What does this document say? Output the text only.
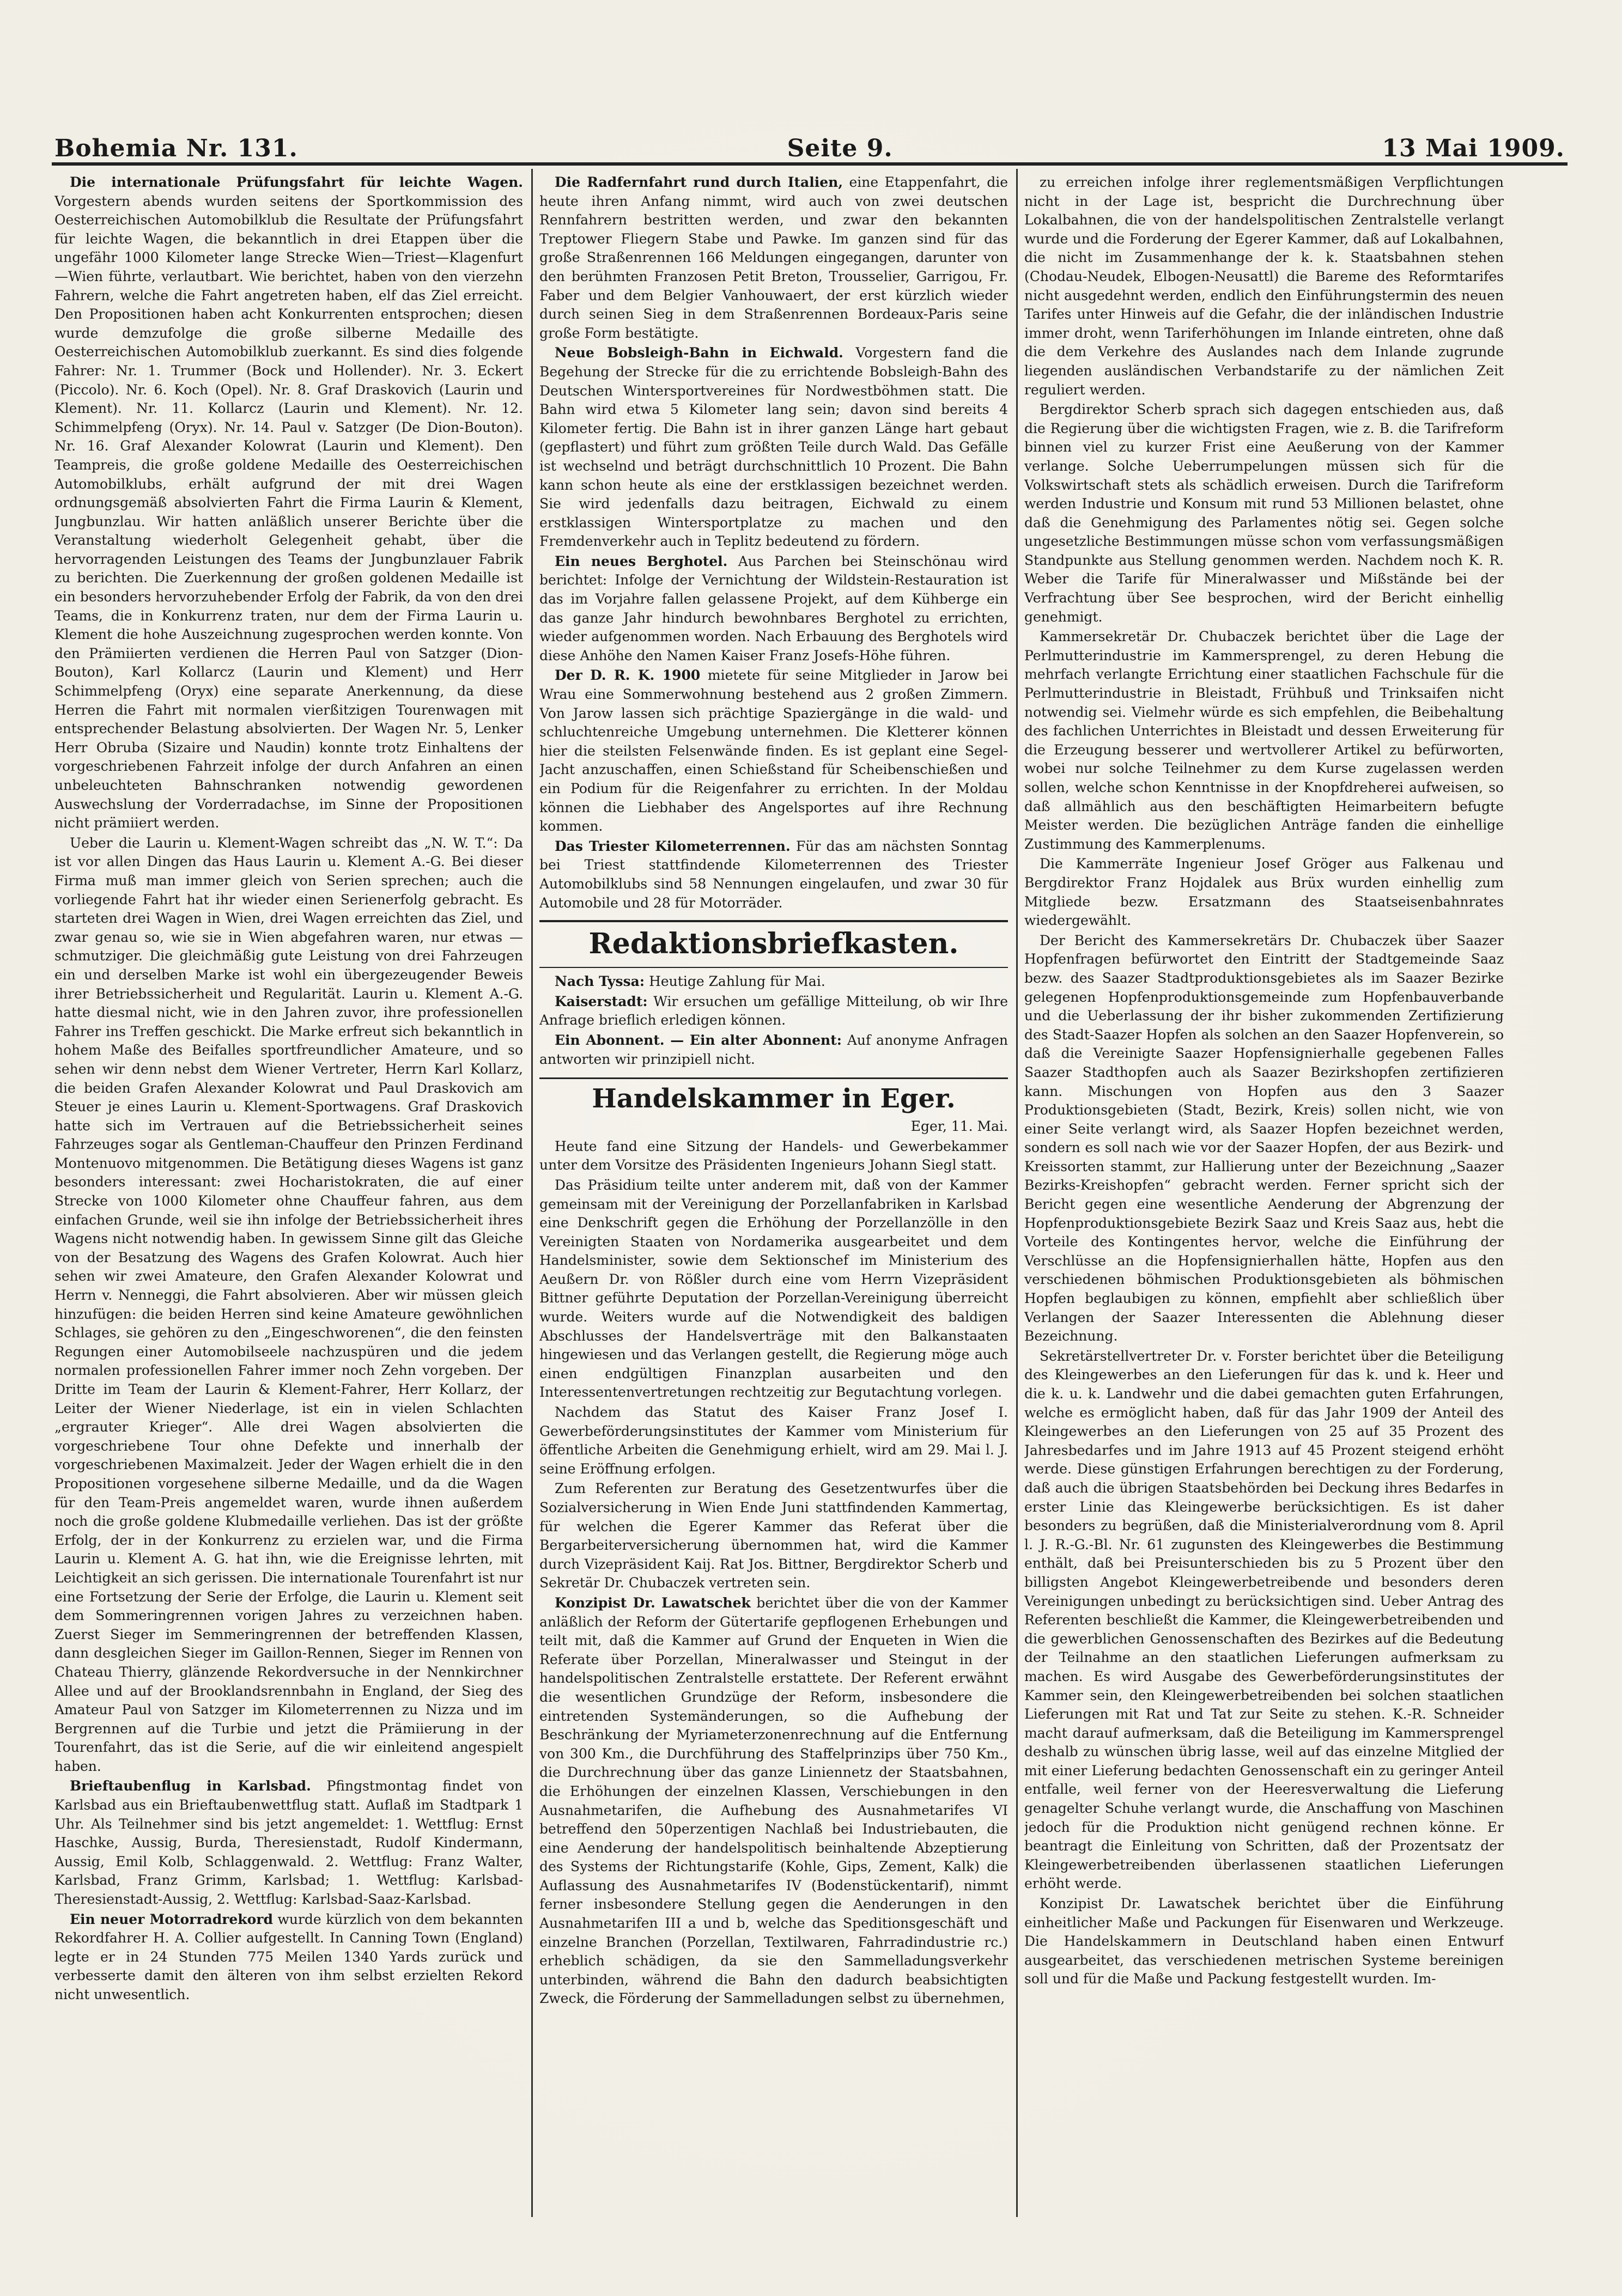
Bohemia Nr. 131.	Seite 9.	13 Mai 1909.

Die internationale Prüfungsfahrt für leichte Wagen. Vorgestern abends wurden seitens der Sportkommission des Oesterreichischen Automobilklub die Resultate der Prüfungsfahrt für leichte Wagen, die bekanntlich in drei Etappen über die ungefähr 1000 Kilometer lange Strecke Wien—Triest—Klagenfurt—Wien führte, verlautbart. Wie berichtet, haben von den vierzehn Fahrern, welche die Fahrt angetreten haben, elf das Ziel erreicht. Den Propositionen haben acht Konkurrenten entsprochen; diesen wurde demzufolge die große silberne Medaille des Oesterreichischen Automobilklub zuerkannt. Es sind dies folgende Fahrer: Nr. 1. Trummer (Bock und Hollender). Nr. 3. Eckert (Piccolo). Nr. 6. Koch (Opel). Nr. 8. Graf Draskovich (Laurin und Klement). Nr. 11. Kollarcz (Laurin und Klement). Nr. 12. Schimmelpfeng (Oryx). Nr. 14. Paul v. Satzger (De Dion-Bouton). Nr. 16. Graf Alexander Kolowrat (Laurin und Klement). Den Teampreis, die große goldene Medaille des Oesterreichischen Automobilklubs, erhält aufgrund der mit drei Wagen ordnungsgemäß absolvierten Fahrt die Firma Laurin & Klement, Jungbunzlau. Wir hatten anläßlich unserer Berichte über die Veranstaltung wiederholt Gelegenheit gehabt, über die hervorragenden Leistungen des Teams der Jungbunzlauer Fabrik zu berichten. Die Zuerkennung der großen goldenen Medaille ist ein besonders hervorzuhebender Erfolg der Fabrik, da von den drei Teams, die in Konkurrenz traten, nur dem der Firma Laurin u. Klement die hohe Auszeichnung zugesprochen werden konnte. Von den Prämiierten verdienen die Herren Paul von Satzger (Dion-Bouton), Karl Kollarcz (Laurin und Klement) und Herr Schimmelpfeng (Oryx) eine separate Anerkennung, da diese Herren die Fahrt mit normalen vierßitzigen Tourenwagen mit entsprechender Belastung absolvierten. Der Wagen Nr. 5, Lenker Herr Obruba (Sizaire und Naudin) konnte trotz Einhaltens der vorgeschriebenen Fahrzeit infolge der durch Anfahren an einen unbeleuchteten Bahnschranken notwendig gewordenen Auswechslung der Vorderradachse, im Sinne der Propositionen nicht prämiiert werden.

Ueber die Laurin u. Klement-Wagen schreibt das „N. W. T.“: Da ist vor allen Dingen das Haus Laurin u. Klement A.-G. Bei dieser Firma muß man immer gleich von Serien sprechen; auch die vorliegende Fahrt hat ihr wieder einen Serienerfolg gebracht. Es starteten drei Wagen in Wien, drei Wagen erreichten das Ziel, und zwar genau so, wie sie in Wien abgefahren waren, nur etwas — schmutziger. Die gleichmäßig gute Leistung von drei Fahrzeugen ein und derselben Marke ist wohl ein übergezeugender Beweis ihrer Betriebssicherheit und Regularität. Laurin u. Klement A.-G. hatte diesmal nicht, wie in den Jahren zuvor, ihre professionellen Fahrer ins Treffen geschickt. Die Marke erfreut sich bekanntlich in hohem Maße des Beifalles sportfreundlicher Amateure, und so sehen wir denn nebst dem Wiener Vertreter, Herrn Karl Kollarz, die beiden Grafen Alexander Kolowrat und Paul Draskovich am Steuer je eines Laurin u. Klement-Sportwagens. Graf Draskovich hatte sich im Vertrauen auf die Betriebssicherheit seines Fahrzeuges sogar als Gentleman-Chauffeur den Prinzen Ferdinand Montenuovo mitgenommen. Die Betätigung dieses Wagens ist ganz besonders interessant: zwei Hocharistokraten, die auf einer Strecke von 1000 Kilometer ohne Chauffeur fahren, aus dem einfachen Grunde, weil sie ihn infolge der Betriebssicherheit ihres Wagens nicht notwendig haben. In gewissem Sinne gilt das Gleiche von der Besatzung des Wagens des Grafen Kolowrat. Auch hier sehen wir zwei Amateure, den Grafen Alexander Kolowrat und Herrn v. Nenneggi, die Fahrt absolvieren. Aber wir müssen gleich hinzufügen: die beiden Herren sind keine Amateure gewöhnlichen Schlages, sie gehören zu den „Eingeschworenen“, die den feinsten Regungen einer Automobilseele nachzuspüren und die jedem normalen professionellen Fahrer immer noch Zehn vorgeben. Der Dritte im Team der Laurin & Klement-Fahrer, Herr Kollarz, der Leiter der Wiener Niederlage, ist ein in vielen Schlachten „ergrauter Krieger“. Alle drei Wagen absolvierten die vorgeschriebene Tour ohne Defekte und innerhalb der vorgeschriebenen Maximalzeit. Jeder der Wagen erhielt die in den Propositionen vorgesehene silberne Medaille, und da die Wagen für den Team-Preis angemeldet waren, wurde ihnen außerdem noch die große goldene Klubmedaille verliehen. Das ist der größte Erfolg, der in der Konkurrenz zu erzielen war, und die Firma Laurin u. Klement A. G. hat ihn, wie die Ereignisse lehrten, mit Leichtigkeit an sich gerissen. Die internationale Tourenfahrt ist nur eine Fortsetzung der Serie der Erfolge, die Laurin u. Klement seit dem Sommeringrennen vorigen Jahres zu verzeichnen haben. Zuerst Sieger im Semmeringrennen der betreffenden Klassen, dann desgleichen Sieger im Gaillon-Rennen, Sieger im Rennen von Chateau Thierry, glänzende Rekordversuche in der Nennkirchner Allee und auf der Brooklandsrennbahn in England, der Sieg des Amateur Paul von Satzger im Kilometerrennen zu Nizza und im Bergrennen auf die Turbie und jetzt die Prämiierung in der Tourenfahrt, das ist die Serie, auf die wir einleitend angespielt haben.

Brieftaubenflug in Karlsbad. Pfingstmontag findet von Karlsbad aus ein Brieftaubenwettflug statt. Auflaß im Stadtpark 1 Uhr. Als Teilnehmer sind bis jetzt angemeldet: 1. Wettflug: Ernst Haschke, Aussig, Burda, Theresienstadt, Rudolf Kindermann, Aussig, Emil Kolb, Schlaggenwald. 2. Wettflug: Franz Walter, Karlsbad, Franz Grimm, Karlsbad; 1. Wettflug: Karlsbad-Theresienstadt-Aussig, 2. Wettflug: Karlsbad-Saaz-Karlsbad.

Ein neuer Motorradrekord wurde kürzlich von dem bekannten Rekordfahrer H. A. Collier aufgestellt. In Canning Town (England) legte er in 24 Stunden 775 Meilen 1340 Yards zurück und verbesserte damit den älteren von ihm selbst erzielten Rekord nicht unwesentlich.

Die Radfernfahrt rund durch Italien, eine Etappenfahrt, die heute ihren Anfang nimmt, wird auch von zwei deutschen Rennfahrern bestritten werden, und zwar den bekannten Treptower Fliegern Stabe und Pawke. Im ganzen sind für das große Straßenrennen 166 Meldungen eingegangen, darunter von den berühmten Franzosen Petit Breton, Trousselier, Garrigou, Fr. Faber und dem Belgier Vanhouwaert, der erst kürzlich wieder durch seinen Sieg in dem Straßenrennen Bordeaux-Paris seine große Form bestätigte.

Neue Bobsleigh-Bahn in Eichwald. Vorgestern fand die Begehung der Strecke für die zu errichtende Bobsleigh-Bahn des Deutschen Wintersportvereines für Nordwestböhmen statt. Die Bahn wird etwa 5 Kilometer lang sein; davon sind bereits 4 Kilometer fertig. Die Bahn ist in ihrer ganzen Länge hart gebaut (gepflastert) und führt zum größten Teile durch Wald. Das Gefälle ist wechselnd und beträgt durchschnittlich 10 Prozent. Die Bahn kann schon heute als eine der erstklassigen bezeichnet werden. Sie wird jedenfalls dazu beitragen, Eichwald zu einem erstklassigen Wintersportplatze zu machen und den Fremdenverkehr auch in Teplitz bedeutend zu fördern.

Ein neues Berghotel. Aus Parchen bei Steinschönau wird berichtet: Infolge der Vernichtung der Wildstein-Restauration ist das im Vorjahre fallen gelassene Projekt, auf dem Kühberge ein das ganze Jahr hindurch bewohnbares Berghotel zu errichten, wieder aufgenommen worden. Nach Erbauung des Berghotels wird diese Anhöhe den Namen Kaiser Franz Josefs-Höhe führen.

Der D. R. K. 1900 mietete für seine Mitglieder in Jarow bei Wrau eine Sommerwohnung bestehend aus 2 großen Zimmern. Von Jarow lassen sich prächtige Spaziergänge in die wald- und schluchtenreiche Umgebung unternehmen. Die Kletterer können hier die steilsten Felsenwände finden. Es ist geplant eine Segel-Jacht anzuschaffen, einen Schießstand für Scheibenschießen und ein Podium für die Reigenfahrer zu errichten. In der Moldau können die Liebhaber des Angelsportes auf ihre Rechnung kommen.

Das Triester Kilometerrennen. Für das am nächsten Sonntag bei Triest stattfindende Kilometerrennen des Triester Automobilklubs sind 58 Nennungen eingelaufen, und zwar 30 für Automobile und 28 für Motorräder.

Redaktionsbriefkasten.

Nach Tyssa: Heutige Zahlung für Mai.

Kaiserstadt: Wir ersuchen um gefällige Mitteilung, ob wir Ihre Anfrage brieflich erledigen können.

Ein Abonnent. — Ein alter Abonnent: Auf anonyme Anfragen antworten wir prinzipiell nicht.

Handelskammer in Eger.

Eger, 11. Mai.

Heute fand eine Sitzung der Handels- und Gewerbekammer unter dem Vorsitze des Präsidenten Ingenieurs Johann Siegl statt.

Das Präsidium teilte unter anderem mit, daß von der Kammer gemeinsam mit der Vereinigung der Porzellanfabriken in Karlsbad eine Denkschrift gegen die Erhöhung der Porzellanzölle in den Vereinigten Staaten von Nordamerika ausgearbeitet und dem Handelsminister, sowie dem Sektionschef im Ministerium des Aeußern Dr. von Rößler durch eine vom Herrn Vizepräsident Bittner geführte Deputation der Porzellan-Vereinigung überreicht wurde. Weiters wurde auf die Notwendigkeit des baldigen Abschlusses der Handelsverträge mit den Balkanstaaten hingewiesen und das Verlangen gestellt, die Regierung möge auch einen endgültigen Finanzplan ausarbeiten und den Interessentenvertretungen rechtzeitig zur Begutachtung vorlegen.

Nachdem das Statut des Kaiser Franz Josef I. Gewerbeförderungsinstitutes der Kammer vom Ministerium für öffentliche Arbeiten die Genehmigung erhielt, wird am 29. Mai l. J. seine Eröffnung erfolgen.

Zum Referenten zur Beratung des Gesetzentwurfes über die Sozialversicherung in Wien Ende Juni stattfindenden Kammertag, für welchen die Egerer Kammer das Referat über die Bergarbeiterversicherung übernommen hat, wird die Kammer durch Vizepräsident Kaij. Rat Jos. Bittner, Bergdirektor Scherb und Sekretär Dr. Chubaczek vertreten sein.

Konzipist Dr. Lawatschek berichtet über die von der Kammer anläßlich der Reform der Gütertarife gepflogenen Erhebungen und teilt mit, daß die Kammer auf Grund der Enqueten in Wien die Referate über Porzellan, Mineralwasser und Steingut in der handelspolitischen Zentralstelle erstattete. Der Referent erwähnt die wesentlichen Grundzüge der Reform, insbesondere die eintretenden Systemänderungen, so die Aufhebung der Beschränkung der Myriameterzonenrechnung auf die Entfernung von 300 Km., die Durchführung des Staffelprinzips über 750 Km., die Durchrechnung über das ganze Liniennetz der Staatsbahnen, die Erhöhungen der einzelnen Klassen, Verschiebungen in den Ausnahmetarifen, die Aufhebung des Ausnahmetarifes VI betreffend den 50perzentigen Nachlaß bei Industriebauten, die eine Aenderung der handelspolitisch beinhaltende Abzeptierung des Systems der Richtungstarife (Kohle, Gips, Zement, Kalk) die Auflassung des Ausnahmetarifes IV (Bodenstückentarif), nimmt ferner insbesondere Stellung gegen die Aenderungen in den Ausnahmetarifen III a und b, welche das Speditionsgeschäft und einzelne Branchen (Porzellan, Textilwaren, Fahrradindustrie rc.) erheblich schädigen, da sie den Sammelladungsverkehr unterbinden, während die Bahn den dadurch beabsichtigten Zweck, die Förderung der Sammelladungen selbst zu übernehmen,

zu erreichen infolge ihrer reglementsmäßigen Verpflichtungen nicht in der Lage ist, bespricht die Durchrechnung über Lokalbahnen, die von der handelspolitischen Zentralstelle verlangt wurde und die Forderung der Egerer Kammer, daß auf Lokalbahnen, die nicht im Zusammenhange der k. k. Staatsbahnen stehen (Chodau-Neudek, Elbogen-Neusattl) die Bareme des Reformtarifes nicht ausgedehnt werden, endlich den Einführungstermin des neuen Tarifes unter Hinweis auf die Gefahr, die der inländischen Industrie immer droht, wenn Tariferhöhungen im Inlande eintreten, ohne daß die dem Verkehre des Auslandes nach dem Inlande zugrunde liegenden ausländischen Verbandstarife zu der nämlichen Zeit reguliert werden.

Bergdirektor Scherb sprach sich dagegen entschieden aus, daß die Regierung über die wichtigsten Fragen, wie z. B. die Tarifreform binnen viel zu kurzer Frist eine Aeußerung von der Kammer verlange. Solche Ueberrumpelungen müssen sich für die Volkswirtschaft stets als schädlich erweisen. Durch die Tarifreform werden Industrie und Konsum mit rund 53 Millionen belastet, ohne daß die Genehmigung des Parlamentes nötig sei. Gegen solche ungesetzliche Bestimmungen müsse schon vom verfassungsmäßigen Standpunkte aus Stellung genommen werden. Nachdem noch K. R. Weber die Tarife für Mineralwasser und Mißstände bei der Verfrachtung über See besprochen, wird der Bericht einhellig genehmigt.

Kammersekretär Dr. Chubaczek berichtet über die Lage der Perlmutterindustrie im Kammersprengel, zu deren Hebung die mehrfach verlangte Errichtung einer staatlichen Fachschule für die Perlmutterindustrie in Bleistadt, Frühbuß und Trinksaifen nicht notwendig sei. Vielmehr würde es sich empfehlen, die Beibehaltung des fachlichen Unterrichtes in Bleistadt und dessen Erweiterung für die Erzeugung besserer und wertvollerer Artikel zu befürworten, wobei nur solche Teilnehmer zu dem Kurse zugelassen werden sollen, welche schon Kenntnisse in der Knopfdreherei aufweisen, so daß allmählich aus den beschäftigten Heimarbeitern befugte Meister werden. Die bezüglichen Anträge fanden die einhellige Zustimmung des Kammerplenums.

Die Kammerräte Ingenieur Josef Gröger aus Falkenau und Bergdirektor Franz Hojdalek aus Brüx wurden einhellig zum Mitgliede bezw. Ersatzmann des Staatseisenbahnrates wiedergewählt.

Der Bericht des Kammersekretärs Dr. Chubaczek über Saazer Hopfenfragen befürwortet den Eintritt der Stadtgemeinde Saaz bezw. des Saazer Stadtproduktionsgebietes als im Saazer Bezirke gelegenen Hopfenproduktionsgemeinde zum Hopfenbauverbande und die Ueberlassung der ihr bisher zukommenden Zertifizierung des Stadt-Saazer Hopfen als solchen an den Saazer Hopfenverein, so daß die Vereinigte Saazer Hopfensignierhalle gegebenen Falles Saazer Stadthopfen auch als Saazer Bezirkshopfen zertifizieren kann. Mischungen von Hopfen aus den 3 Saazer Produktionsgebieten (Stadt, Bezirk, Kreis) sollen nicht, wie von einer Seite verlangt wird, als Saazer Hopfen bezeichnet werden, sondern es soll nach wie vor der Saazer Hopfen, der aus Bezirk- und Kreissorten stammt, zur Hallierung unter der Bezeichnung „Saazer Bezirks-Kreishopfen“ gebracht werden. Ferner spricht sich der Bericht gegen eine wesentliche Aenderung der Abgrenzung der Hopfenproduktionsgebiete Bezirk Saaz und Kreis Saaz aus, hebt die Vorteile des Kontingentes hervor, welche die Einführung der Verschlüsse an die Hopfensignierhallen hätte, Hopfen aus den verschiedenen böhmischen Produktionsgebieten als böhmischen Hopfen beglaubigen zu können, empfiehlt aber schließlich über Verlangen der Saazer Interessenten die Ablehnung dieser Bezeichnung.

Sekretärstellvertreter Dr. v. Forster berichtet über die Beteiligung des Kleingewerbes an den Lieferungen für das k. und k. Heer und die k. u. k. Landwehr und die dabei gemachten guten Erfahrungen, welche es ermöglicht haben, daß für das Jahr 1909 der Anteil des Kleingewerbes an den Lieferungen von 25 auf 35 Prozent des Jahresbedarfes und im Jahre 1913 auf 45 Prozent steigend erhöht werde. Diese günstigen Erfahrungen berechtigen zu der Forderung, daß auch die übrigen Staatsbehörden bei Deckung ihres Bedarfes in erster Linie das Kleingewerbe berücksichtigen. Es ist daher besonders zu begrüßen, daß die Ministerialverordnung vom 8. April l. J. R.-G.-Bl. Nr. 61 zugunsten des Kleingewerbes die Bestimmung enthält, daß bei Preisunterschieden bis zu 5 Prozent über den billigsten Angebot Kleingewerbetreibende und besonders deren Vereinigungen unbedingt zu berücksichtigen sind. Ueber Antrag des Referenten beschließt die Kammer, die Kleingewerbetreibenden und die gewerblichen Genossenschaften des Bezirkes auf die Bedeutung der Teilnahme an den staatlichen Lieferungen aufmerksam zu machen. Es wird Ausgabe des Gewerbeförderungsinstitutes der Kammer sein, den Kleingewerbetreibenden bei solchen staatlichen Lieferungen mit Rat und Tat zur Seite zu stehen. K.-R. Schneider macht darauf aufmerksam, daß die Beteiligung im Kammersprengel deshalb zu wünschen übrig lasse, weil auf das einzelne Mitglied der mit einer Lieferung bedachten Genossenschaft ein zu geringer Anteil entfalle, weil ferner von der Heeresverwaltung die Lieferung genagelter Schuhe verlangt wurde, die Anschaffung von Maschinen jedoch für die Produktion nicht genügend rechnen könne. Er beantragt die Einleitung von Schritten, daß der Prozentsatz der Kleingewerbetreibenden überlassenen staatlichen Lieferungen erhöht werde.

Konzipist Dr. Lawatschek berichtet über die Einführung einheitlicher Maße und Packungen für Eisenwaren und Werkzeuge. Die Handelskammern in Deutschland haben einen Entwurf ausgearbeitet, das verschiedenen metrischen Systeme bereinigen soll und für die Maße und Packung festgestellt wurden. Im-
